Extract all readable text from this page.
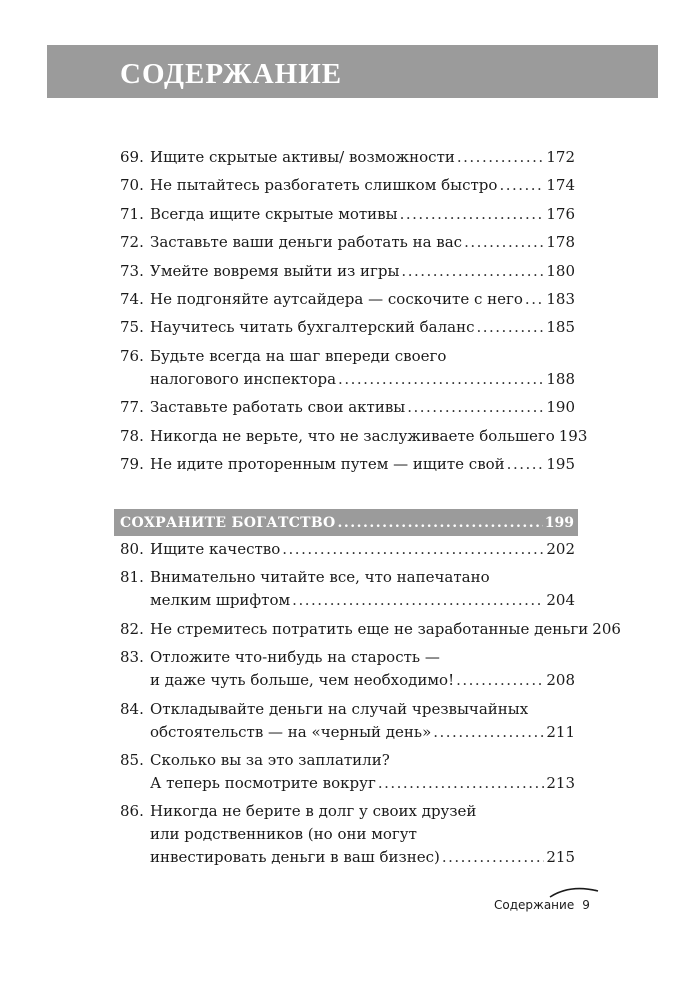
СОДЕРЖАНИЕ
69. Ищите скрытые активы/ возможности .....	172
70. Не пытайтесь разбогатеть слишком быстро .....	174
71. Всегда ищите скрытые мотивы .....	176
72. Заставьте ваши деньги работать на вас .....	178
73. Умейте вовремя выйти из игры .....	180
74. Не подгоняйте аутсайдера — соскочите с него ..... 183
75. Научитесь читать бухгалтерский баланс .....	185
76. Будьте всегда на шаг впереди своего
налогового инспектора .....	188
77. Заставьте работать свои активы .....	190
78. Никогда не верьте, что не заслуживаете большего 193
79. Не идите проторенным путем — ищите свой .....	195
СОХРАНИТЕ БОГАТСТВО .....	199
80. Ищите качество .....	202
81. Внимательно читайте все, что напечатано
мелким шрифтом .....	204
82. Не стремитесь потратить еще не заработанные деньги 206
83. Отложите что-нибудь на старость —
и даже чуть больше, чем необходимо! .....	208
84. Откладывайте деньги на случай чрезвычайных
обстоятельств — на «черный день» .....	211
85. Сколько вы за это заплатили?
А теперь посмотрите вокруг .....	213
86. Никогда не берите в долг у своих друзей
или родственников (но они могут
инвестировать деньги в ваш бизнес) .....	215
Содержание 9
